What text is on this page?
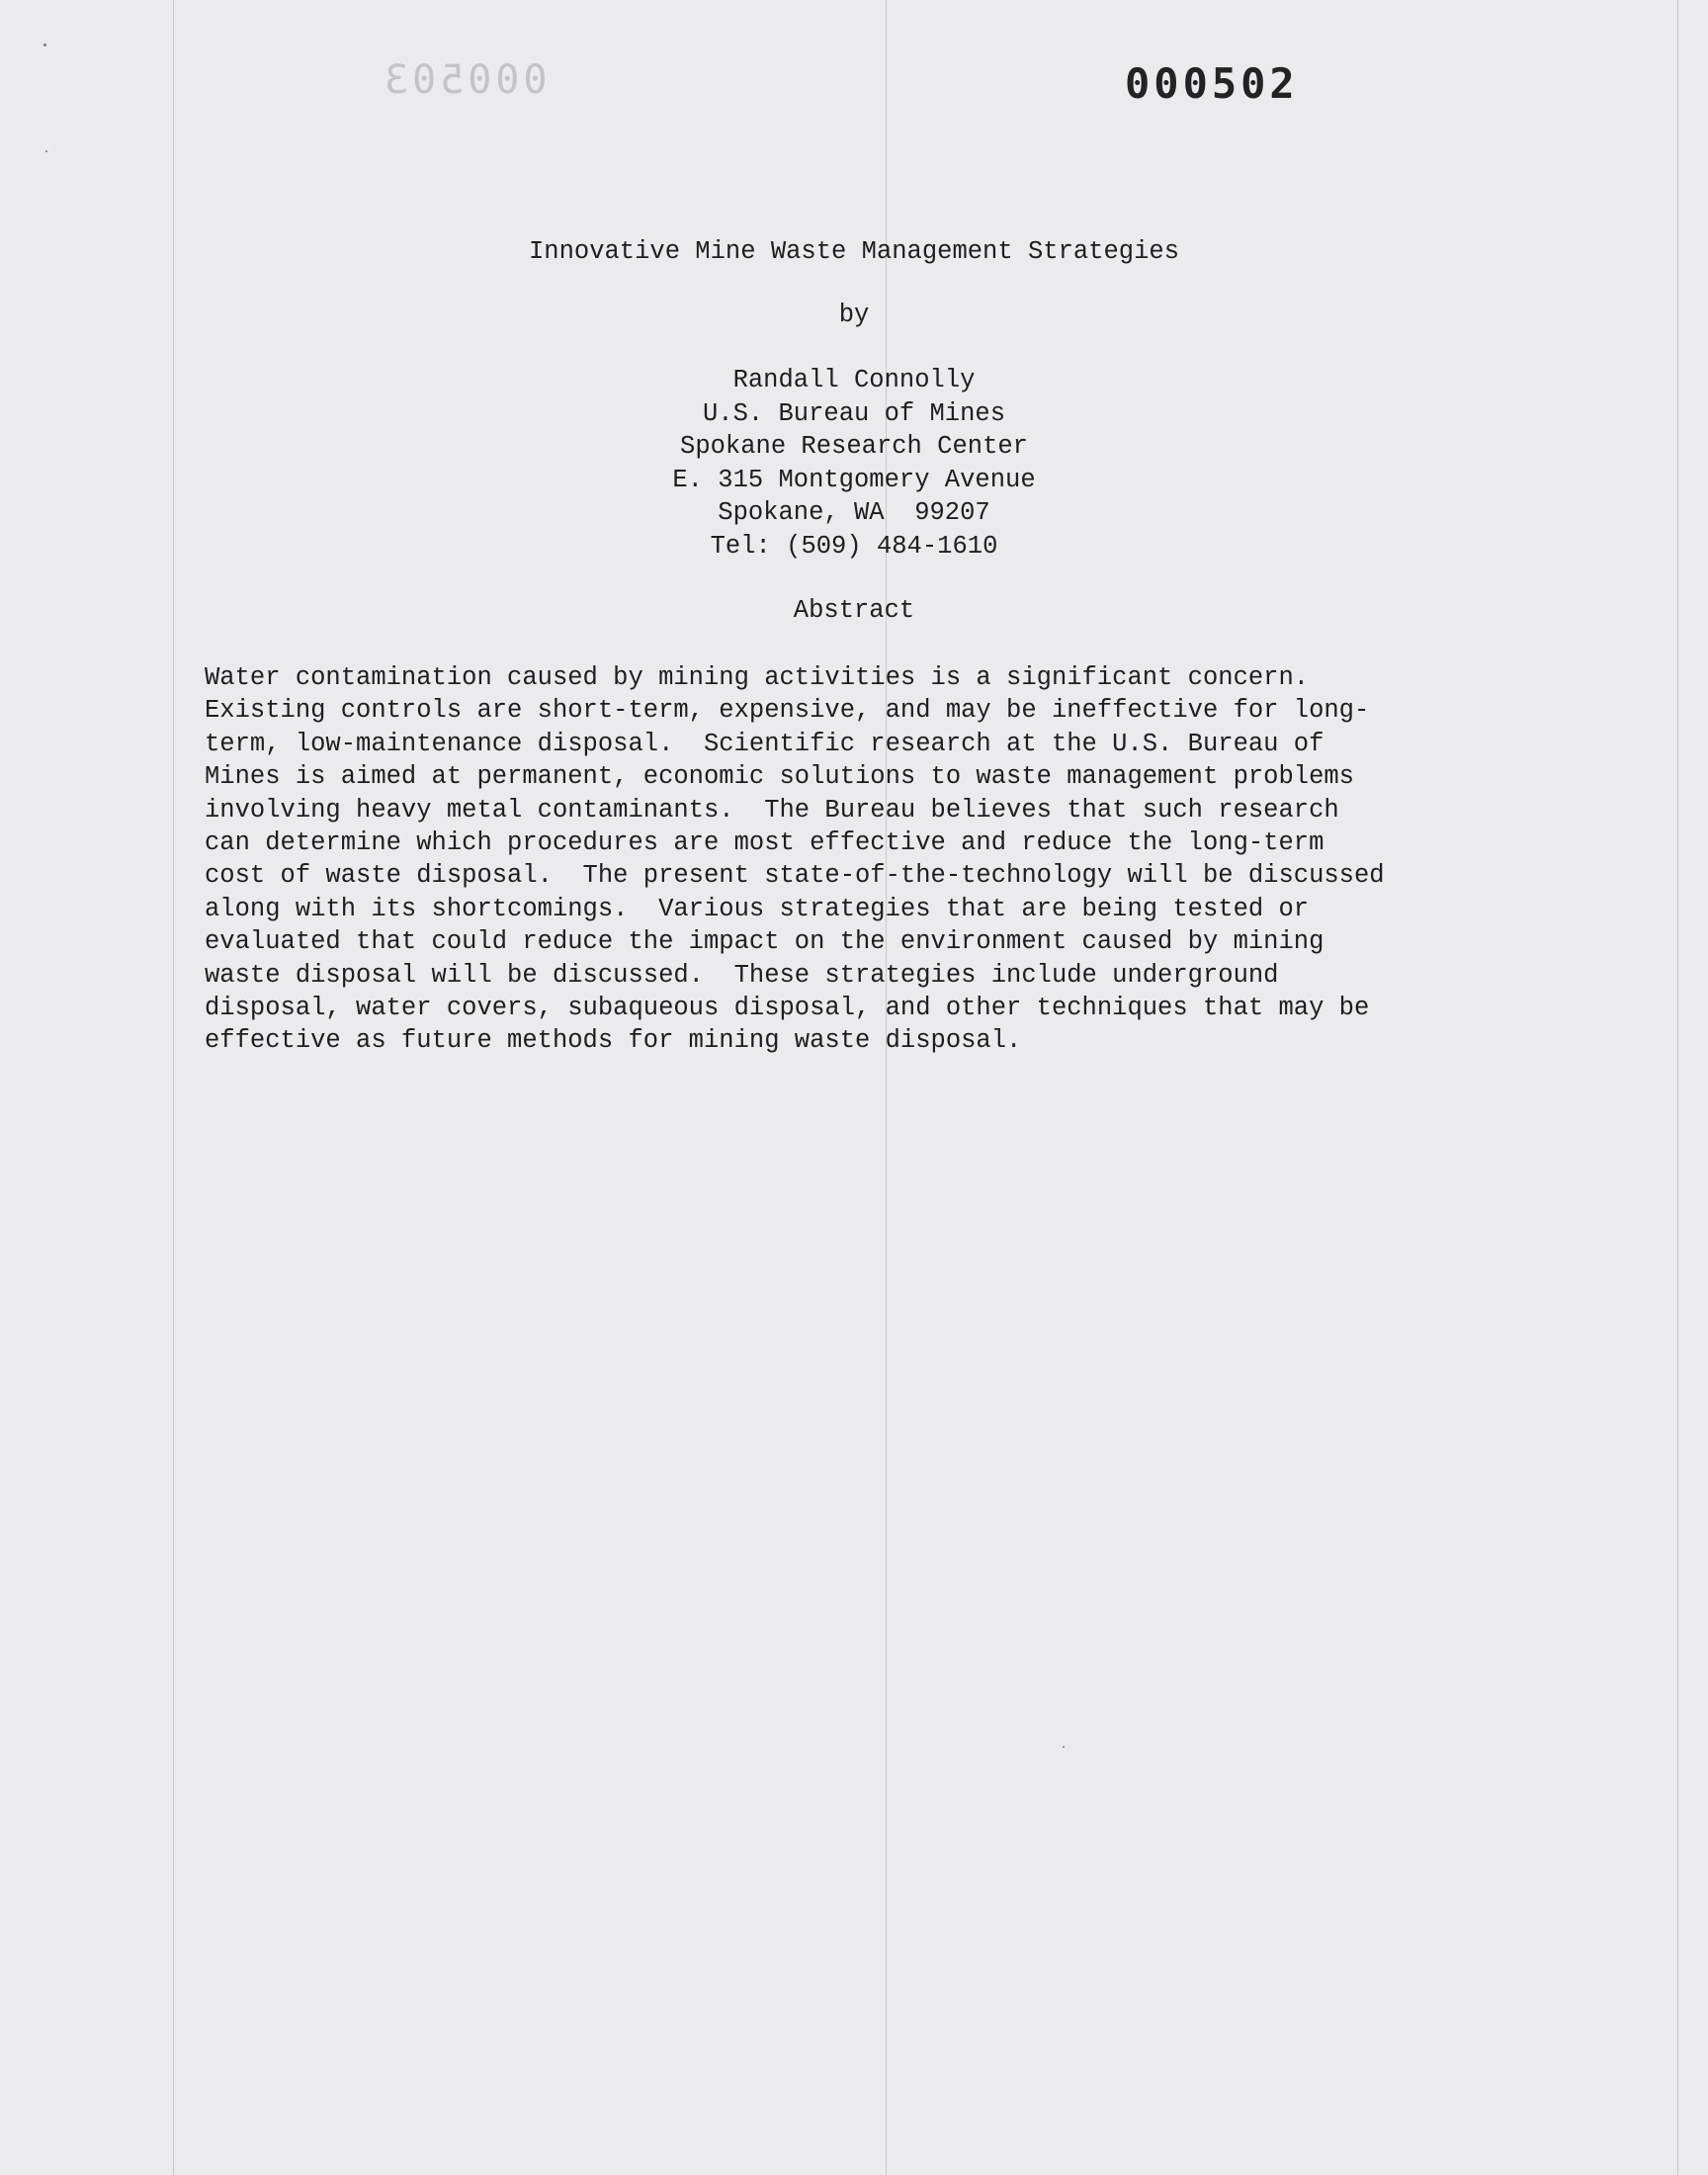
000503	000502
Innovative Mine Waste Management Strategies
by
Randall Connolly
U.S. Bureau of Mines
Spokane Research Center
E. 315 Montgomery Avenue
Spokane, WA  99207
Tel: (509) 484-1610
Abstract
Water contamination caused by mining activities is a significant concern.
Existing controls are short-term, expensive, and may be ineffective for long-
term, low-maintenance disposal.  Scientific research at the U.S. Bureau of
Mines is aimed at permanent, economic solutions to waste management problems
involving heavy metal contaminants.  The Bureau believes that such research
can determine which procedures are most effective and reduce the long-term
cost of waste disposal.  The present state-of-the-technology will be discussed
along with its shortcomings.  Various strategies that are being tested or
evaluated that could reduce the impact on the environment caused by mining
waste disposal will be discussed.  These strategies include underground
disposal, water covers, subaqueous disposal, and other techniques that may be
effective as future methods for mining waste disposal.
